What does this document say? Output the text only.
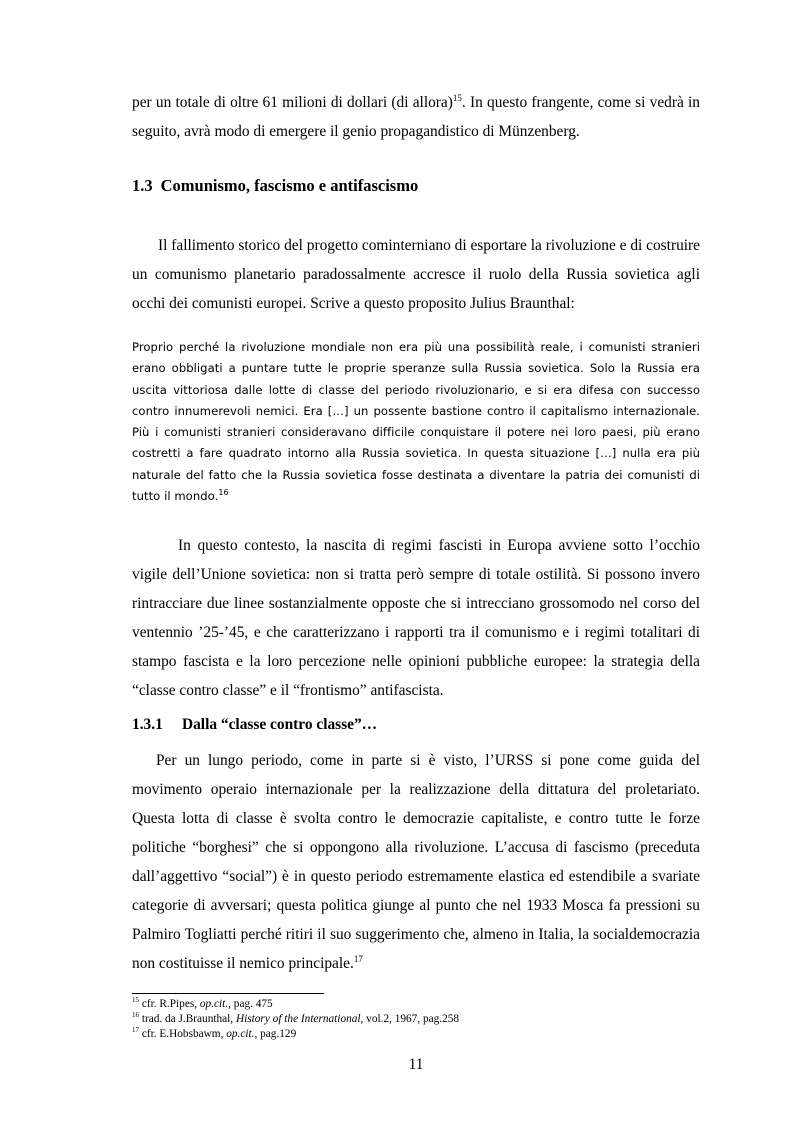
per un totale di oltre 61 milioni di dollari (di allora)$^{15}$. In questo frangente, come si vedrà in seguito, avrà modo di emergere il genio propagandistico di Münzenberg.

1.3 Comunismo, fascismo e antifascismo

Il fallimento storico del progetto cominterniano di esportare la rivoluzione e di costruire un comunismo planetario paradossalmente accresce il ruolo della Russia sovietica agli occhi dei comunisti europei. Scrive a questo proposito Julius Braunthal:

Proprio perché la rivoluzione mondiale non era più una possibilità reale, i comunisti stranieri erano obbligati a puntare tutte le proprie speranze sulla Russia sovietica. Solo la Russia era uscita vittoriosa dalle lotte di classe del periodo rivoluzionario, e si era difesa con successo contro innumerevoli nemici. Era […] un possente bastione contro il capitalismo internazionale. Più i comunisti stranieri consideravano difficile conquistare il potere nei loro paesi, più erano costretti a fare quadrato intorno alla Russia sovietica. In questa situazione […] nulla era più naturale del fatto che la Russia sovietica fosse destinata a diventare la patria dei comunisti di tutto il mondo.$^{16}$

In questo contesto, la nascita di regimi fascisti in Europa avviene sotto l’occhio vigile dell’Unione sovietica: non si tratta però sempre di totale ostilità. Si possono invero rintracciare due linee sostanzialmente opposte che si intrecciano grossomodo nel corso del ventennio ’25-’45, e che caratterizzano i rapporti tra il comunismo e i regimi totalitari di stampo fascista e la loro percezione nelle opinioni pubbliche europee: la strategia della “classe contro classe” e il “frontismo” antifascista.

1.3.1 Dalla “classe contro classe”…

Per un lungo periodo, come in parte si è visto, l’URSS si pone come guida del movimento operaio internazionale per la realizzazione della dittatura del proletariato. Questa lotta di classe è svolta contro le democrazie capitaliste, e contro tutte le forze politiche “borghesi” che si oppongono alla rivoluzione. L’accusa di fascismo (preceduta dall’aggettivo “social”) è in questo periodo estremamente elastica ed estendibile a svariate categorie di avversari; questa politica giunge al punto che nel 1933 Mosca fa pressioni su Palmiro Togliatti perché ritiri il suo suggerimento che, almeno in Italia, la socialdemocrazia non costituisse il nemico principale.$^{17}$

$^{15}$ cfr. R.Pipes, op.cit., pag. 475
$^{16}$ trad. da J.Braunthal, History of the International, vol.2, 1967, pag.258
$^{17}$ cfr. E.Hobsbawm, op.cit., pag.129
11
